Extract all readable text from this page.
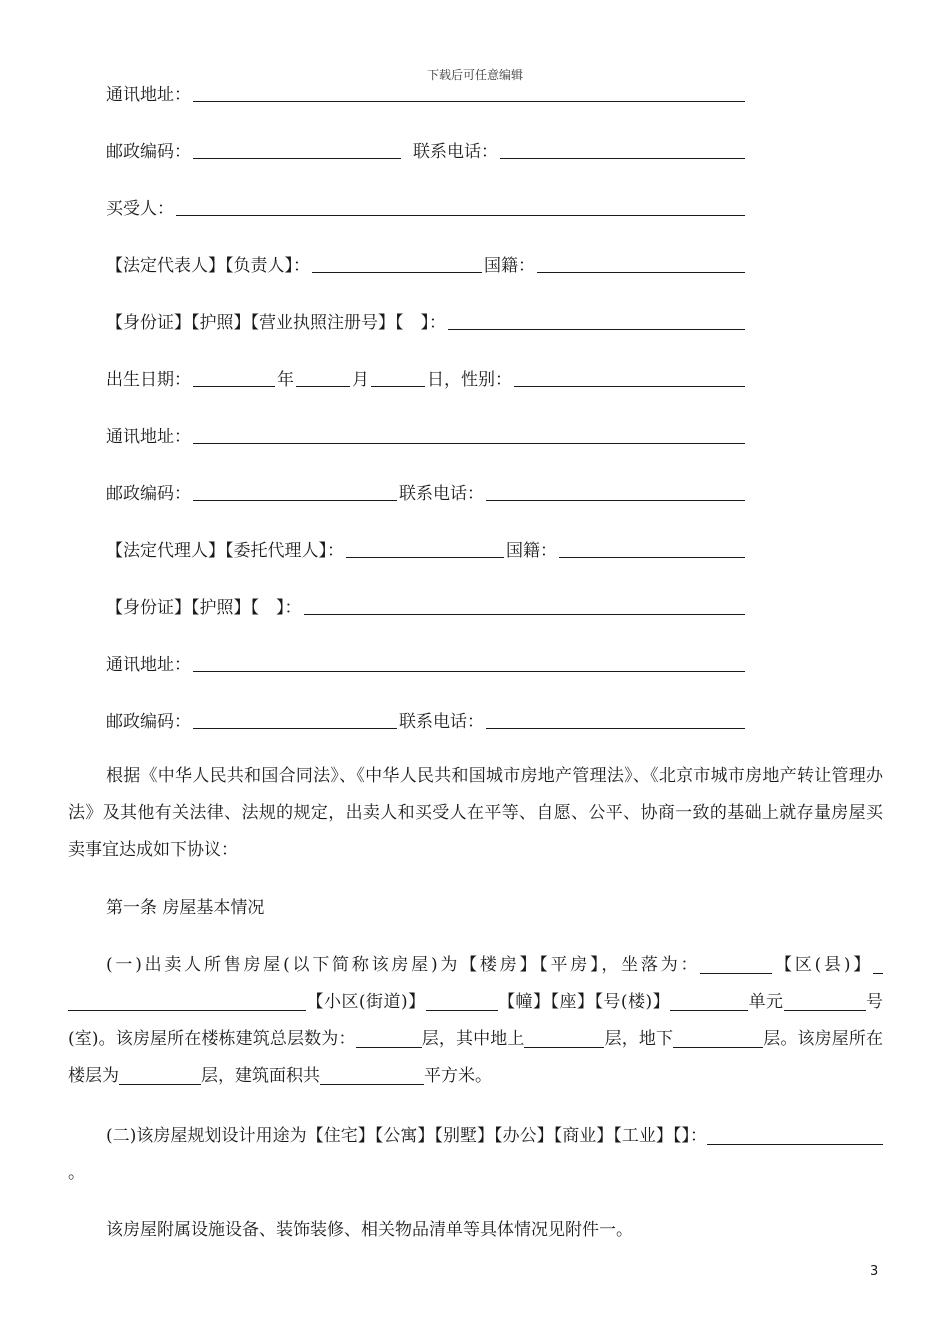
下载后可任意编辑
通讯地址：
邮政编码：	联系电话：
买受人：
【法定代表人】【负责人】：	国籍：
【身份证】【护照】【营业执照注册号】【　】：
出生日期：	年	月	日，性别：
通讯地址：
邮政编码：	联系电话：
【法定代理人】【委托代理人】：	国籍：
【身份证】【护照】【　】：
通讯地址：
邮政编码：	联系电话：
根据《中华人民共和国合同法》、《中华人民共和国城市房地产管理法》、《北京市城市房地产转让管理办法》及其他有关法律、法规的规定，出卖人和买受人在平等、自愿、公平、协商一致的基础上就存量房屋买卖事宜达成如下协议：
第一条 房屋基本情况
(一)出卖人所售房屋(以下简称该房屋)为【楼房】【平房】，坐落为：	【区(县)】【小区(街道)】	【幢】【座】【号(楼)】	单元	号(室)。该房屋所在楼栋建筑总层数为：	层，其中地上	层，地下	层。该房屋所在楼层为	层，建筑面积共	平方米。
(二)该房屋规划设计用途为【住宅】【公寓】【别墅】【办公】【商业】【工业】【】：。
该房屋附属设施设备、装饰装修、相关物品清单等具体情况见附件一。
3
